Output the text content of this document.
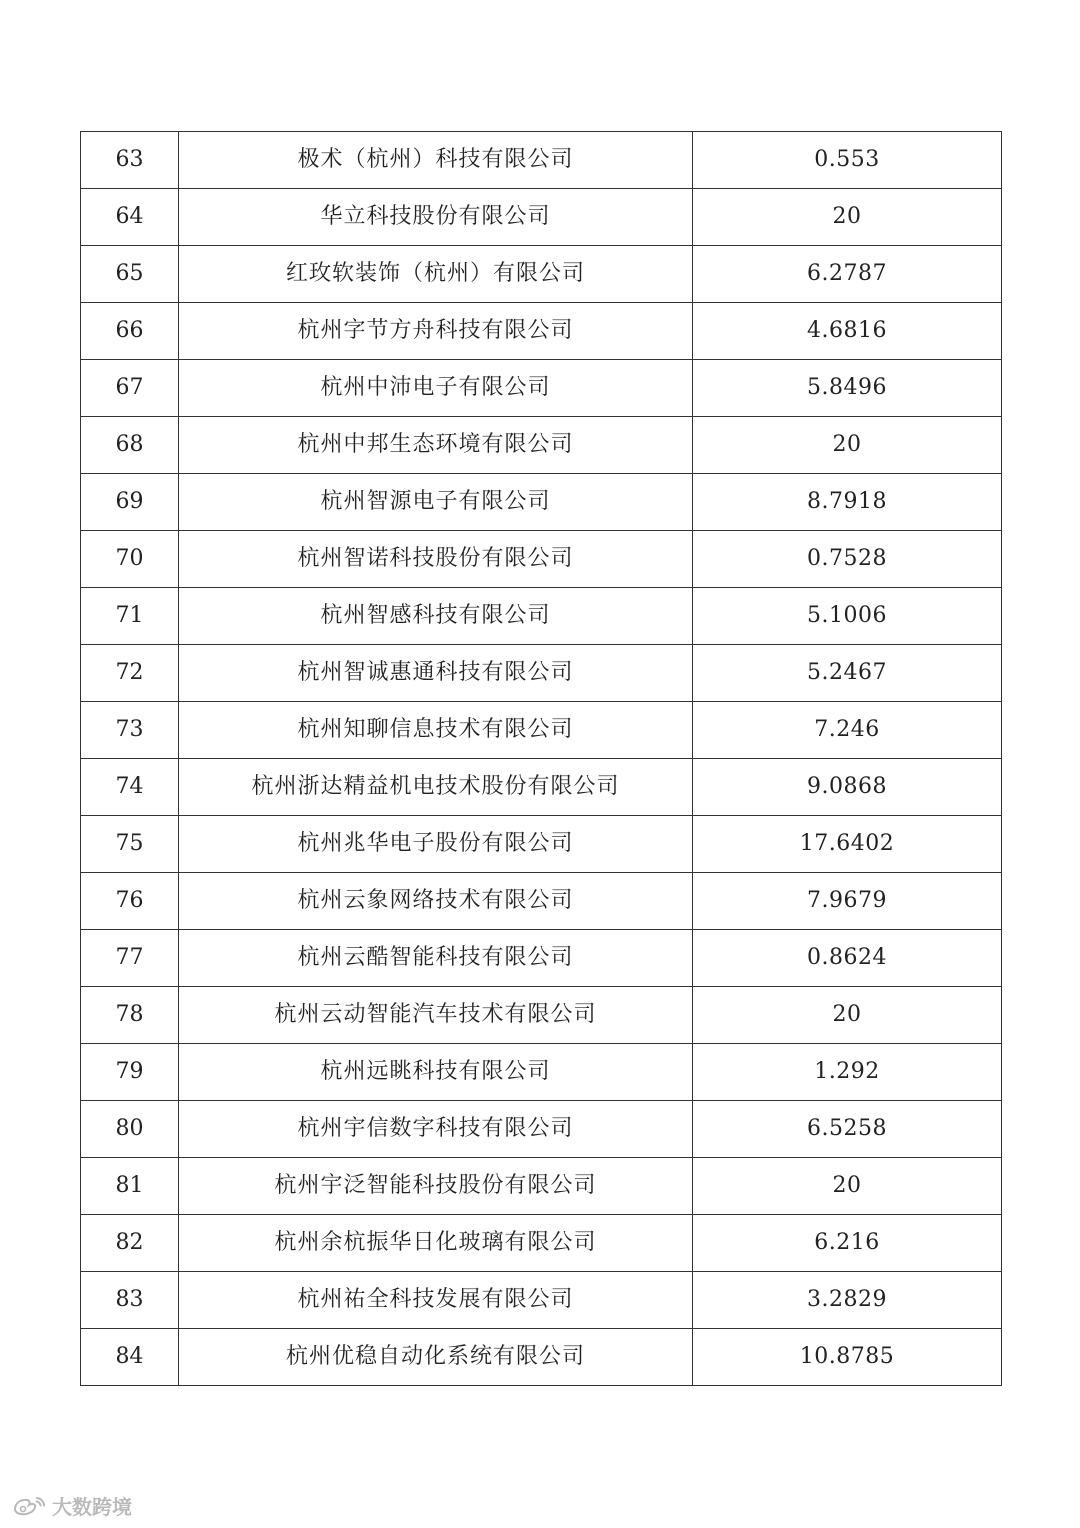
63	极术（杭州）科技有限公司	0.553
64	华立科技股份有限公司	20
65	红玫软装饰（杭州）有限公司	6.2787
66	杭州字节方舟科技有限公司	4.6816
67	杭州中沛电子有限公司	5.8496
68	杭州中邦生态环境有限公司	20
69	杭州智源电子有限公司	8.7918
70	杭州智诺科技股份有限公司	0.7528
71	杭州智感科技有限公司	5.1006
72	杭州智诚惠通科技有限公司	5.2467
73	杭州知聊信息技术有限公司	7.246
74	杭州浙达精益机电技术股份有限公司	9.0868
75	杭州兆华电子股份有限公司	17.6402
76	杭州云象网络技术有限公司	7.9679
77	杭州云酷智能科技有限公司	0.8624
78	杭州云动智能汽车技术有限公司	20
79	杭州远眺科技有限公司	1.292
80	杭州宇信数字科技有限公司	6.5258
81	杭州宇泛智能科技股份有限公司	20
82	杭州余杭振华日化玻璃有限公司	6.216
83	杭州祐全科技发展有限公司	3.2829
84	杭州优稳自动化系统有限公司	10.8785
大数跨境
